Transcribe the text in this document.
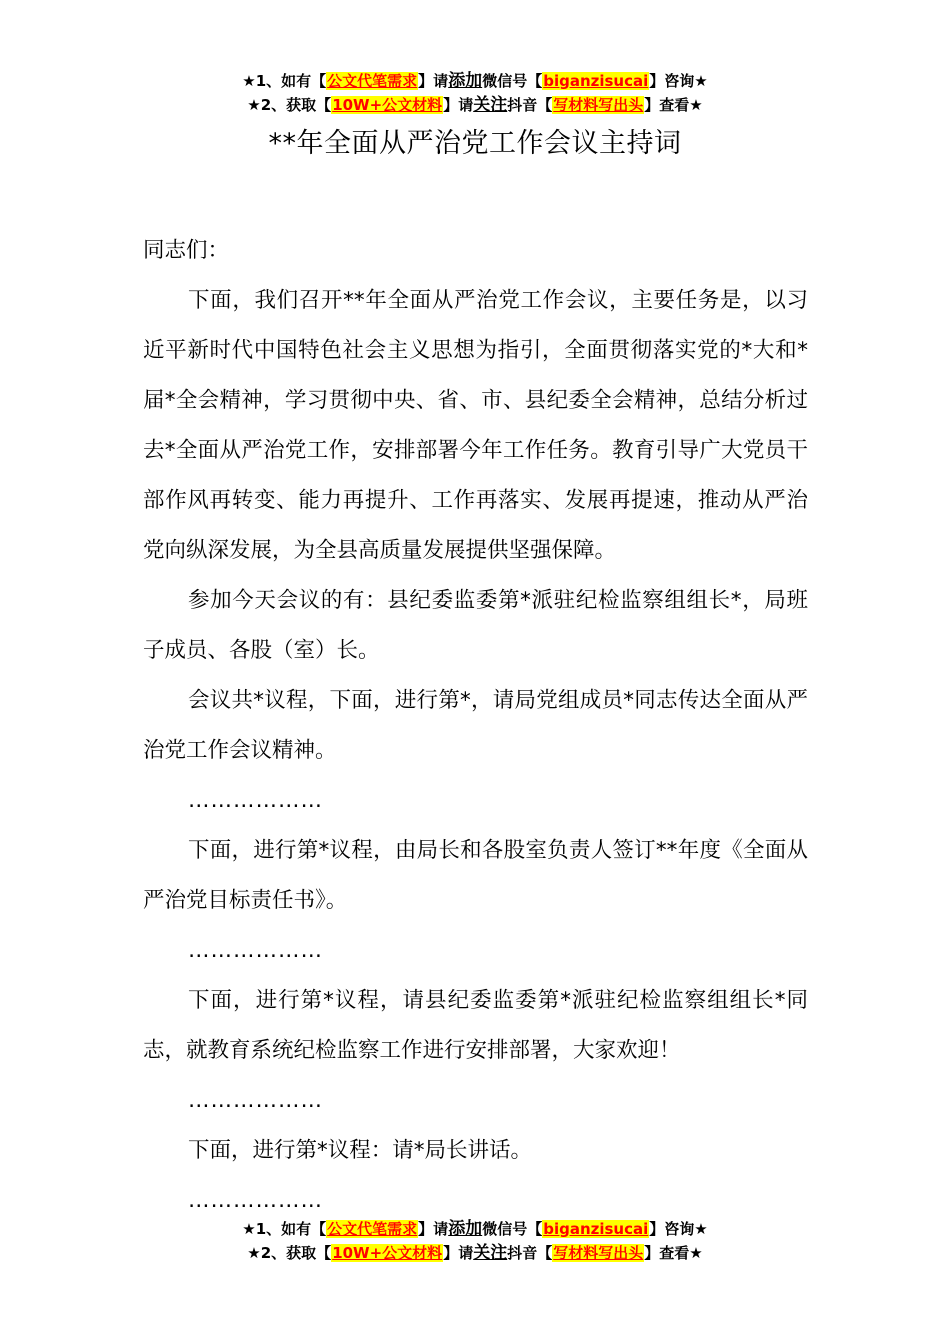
★1、如有【公文代笔需求】请添加微信号【biganzisucai】咨询★
★2、获取【10W+公文材料】请关注抖音【写材料写出头】查看★
**年全面从严治党工作会议主持词

同志们：

下面，我们召开**年全面从严治党工作会议，主要任务是，以习近平新时代中国特色社会主义思想为指引，全面贯彻落实党的*大和*届*全会精神，学习贯彻中央、省、市、县纪委全会精神，总结分析过去*全面从严治党工作，安排部署今年工作任务。教育引导广大党员干部作风再转变、能力再提升、工作再落实、发展再提速，推动从严治党向纵深发展，为全县高质量发展提供坚强保障。

参加今天会议的有：县纪委监委第*派驻纪检监察组组长*，局班子成员、各股（室）长。

会议共*议程，下面，进行第*，请局党组成员*同志传达全面从严治党工作会议精神。

………………

下面，进行第*议程，由局长和各股室负责人签订**年度《全面从严治党目标责任书》。

………………

下面，进行第*议程，请县纪委监委第*派驻纪检监察组组长*同志，就教育系统纪检监察工作进行安排部署，大家欢迎！

………………

下面，进行第*议程：请*局长讲话。

………………

★1、如有【公文代笔需求】请添加微信号【biganzisucai】咨询★
★2、获取【10W+公文材料】请关注抖音【写材料写出头】查看★
